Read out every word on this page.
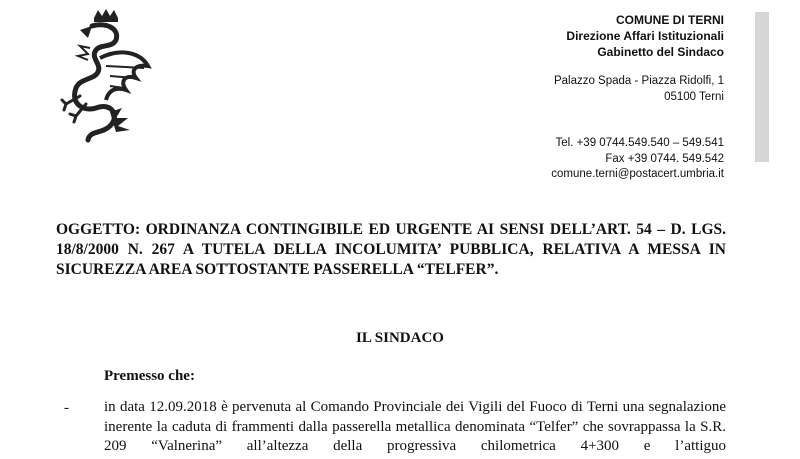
COMUNE DI TERNI
Direzione Affari Istituzionali
Gabinetto del Sindaco
Palazzo Spada - Piazza Ridolfi, 1
05100 Terni
Tel. +39 0744.549.540 – 549.541
Fax +39 0744. 549.542
comune.terni@postacert.umbria.it
OGGETTO: ORDINANZA CONTINGIBILE ED URGENTE AI SENSI DELL’ART. 54 – D. LGS. 18/8/2000 N. 267 A TUTELA DELLA INCOLUMITA’ PUBBLICA, RELATIVA A MESSA IN SICUREZZA AREA SOTTOSTANTE PASSERELLA “TELFER”.
IL SINDACO
Premesso che:
- in data 12.09.2018 è pervenuta al Comando Provinciale dei Vigili del Fuoco di Terni una segnalazione inerente la caduta di frammenti dalla passerella metallica denominata “Telfer” che sovrappassa la S.R. 209 “Valnerina” all’altezza della progressiva chilometrica 4+300 e l’attiguo
